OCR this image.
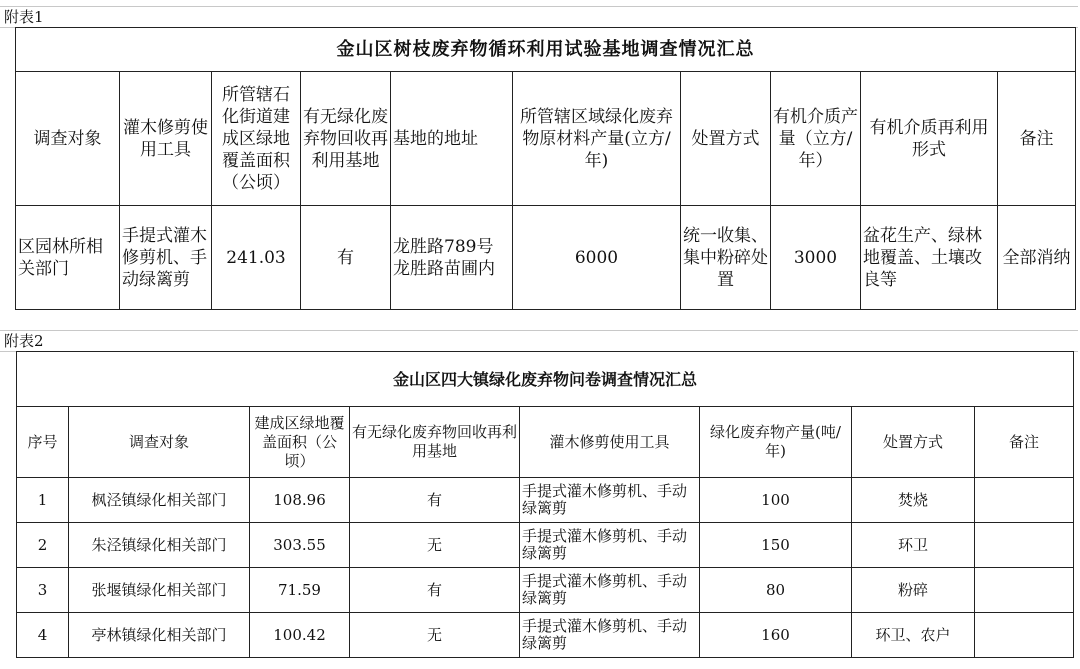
附表1
金山区树枝废弃物循环利用试验基地调查情况汇总									
调查对象	灌木修剪使用工具	所管辖石化街道建成区绿地覆盖面积（公顷）	有无绿化废弃物回收再利用基地	基地的地址	所管辖区域绿化废弃物原材料产量(立方/年)	处置方式	有机介质产量（立方/年）	有机介质再利用形式	备注
区园林所相关部门	手提式灌木修剪机、手动绿篱剪	241.03	有	龙胜路789号龙胜路苗圃内	6000	统一收集、集中粉碎处置	3000	盆花生产、绿林地覆盖、土壤改良等	全部消纳
附表2
金山区四大镇绿化废弃物问卷调查情况汇总							
序号	调查对象	建成区绿地覆盖面积（公顷）	有无绿化废弃物回收再利用基地	灌木修剪使用工具	绿化废弃物产量(吨/年)	处置方式	备注
1	枫泾镇绿化相关部门	108.96	有	手提式灌木修剪机、手动绿篱剪	100	焚烧	
2	朱泾镇绿化相关部门	303.55	无	手提式灌木修剪机、手动绿篱剪	150	环卫	
3	张堰镇绿化相关部门	71.59	有	手提式灌木修剪机、手动绿篱剪	80	粉碎	
4	亭林镇绿化相关部门	100.42	无	手提式灌木修剪机、手动绿篱剪	160	环卫、农户	
